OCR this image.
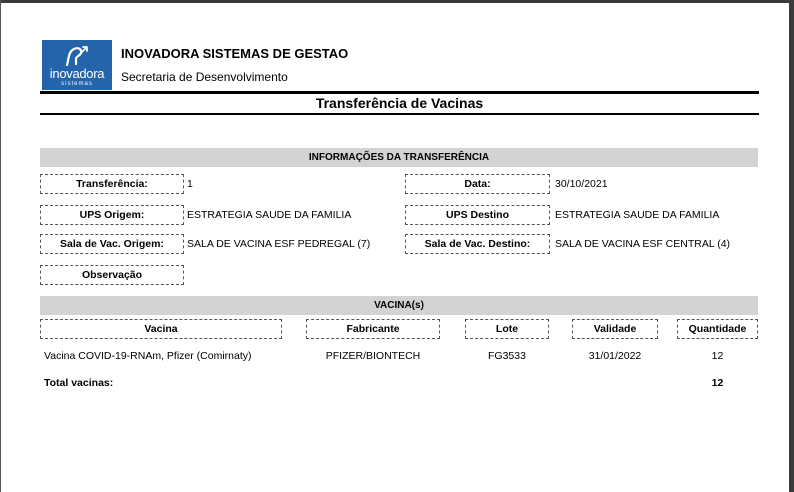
inovadora
sistemas
INOVADORA SISTEMAS DE GESTAO
Secretaria de Desenvolvimento
Transferência de Vacinas
INFORMAÇÕES DA TRANSFERÊNCIA
Transferência:	1	Data:	30/10/2021
UPS Origem:	ESTRATEGIA SAUDE DA FAMILIA	UPS Destino	ESTRATEGIA SAUDE DA FAMILIA
Sala de Vac. Origem:	SALA DE VACINA ESF PEDREGAL (7)	Sala de Vac. Destino:	SALA DE VACINA ESF CENTRAL (4)
Observação
VACINA(s)
Vacina	Fabricante	Lote	Validade	Quantidade
Vacina COVID-19-RNAm, Pfizer (Comirnaty)	PFIZER/BIONTECH	FG3533	31/01/2022	12
Total vacinas:	12
